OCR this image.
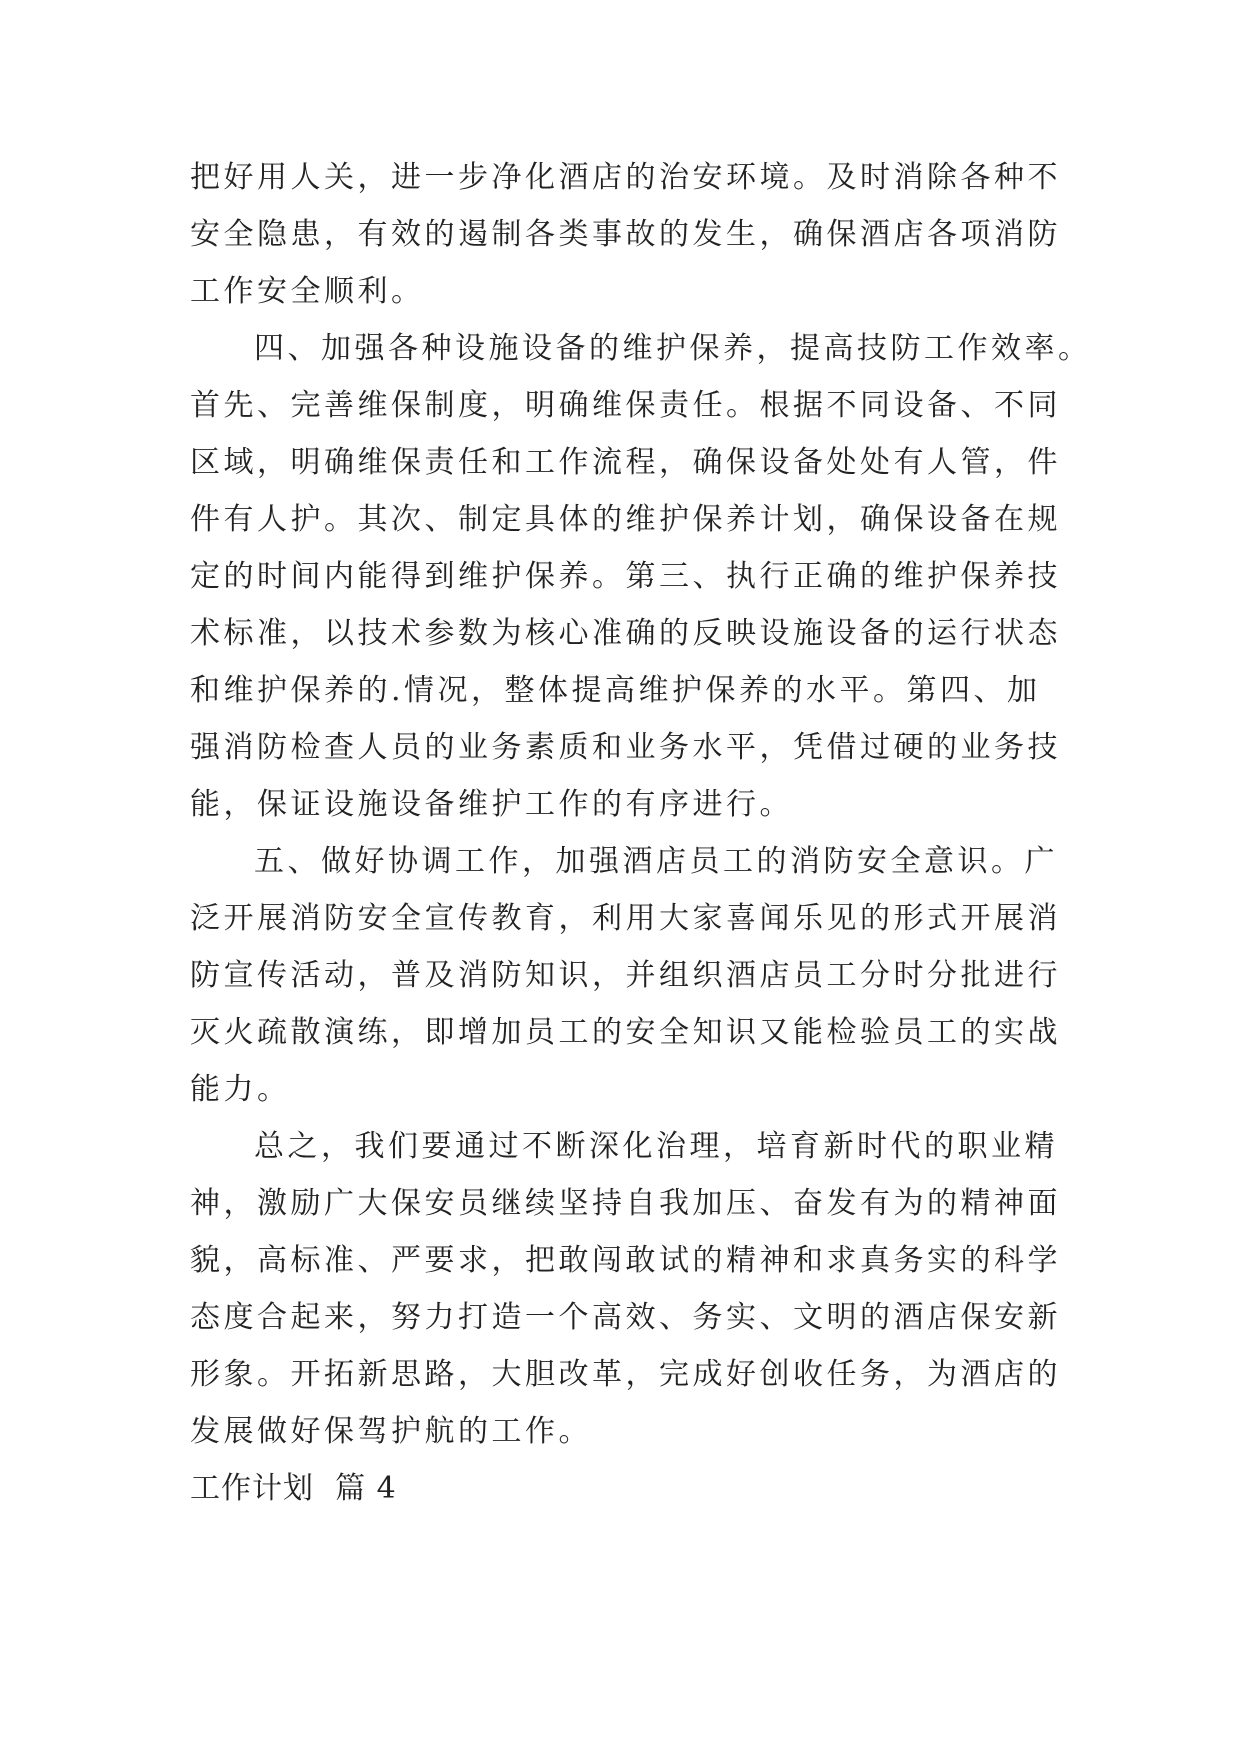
把好用人关，进一步净化酒店的治安环境。及时消除各种不
安全隐患，有效的遏制各类事故的发生，确保酒店各项消防
工作安全顺利。

四、加强各种设施设备的维护保养，提高技防工作效率。
首先、完善维保制度，明确维保责任。根据不同设备、不同
区域，明确维保责任和工作流程，确保设备处处有人管，件
件有人护。其次、制定具体的维护保养计划，确保设备在规
定的时间内能得到维护保养。第三、执行正确的维护保养技
术标准，以技术参数为核心准确的反映设施设备的运行状态
和维护保养的.情况，整体提高维护保养的水平。第四、加
强消防检查人员的业务素质和业务水平，凭借过硬的业务技
能，保证设施设备维护工作的有序进行。

五、做好协调工作，加强酒店员工的消防安全意识。广
泛开展消防安全宣传教育，利用大家喜闻乐见的形式开展消
防宣传活动，普及消防知识，并组织酒店员工分时分批进行
灭火疏散演练，即增加员工的安全知识又能检验员工的实战
能力。

总之，我们要通过不断深化治理，培育新时代的职业精
神，激励广大保安员继续坚持自我加压、奋发有为的精神面
貌，高标准、严要求，把敢闯敢试的精神和求真务实的科学
态度合起来，努力打造一个高效、务实、文明的酒店保安新
形象。开拓新思路，大胆改革，完成好创收任务，为酒店的
发展做好保驾护航的工作。

工作计划  篇 4
